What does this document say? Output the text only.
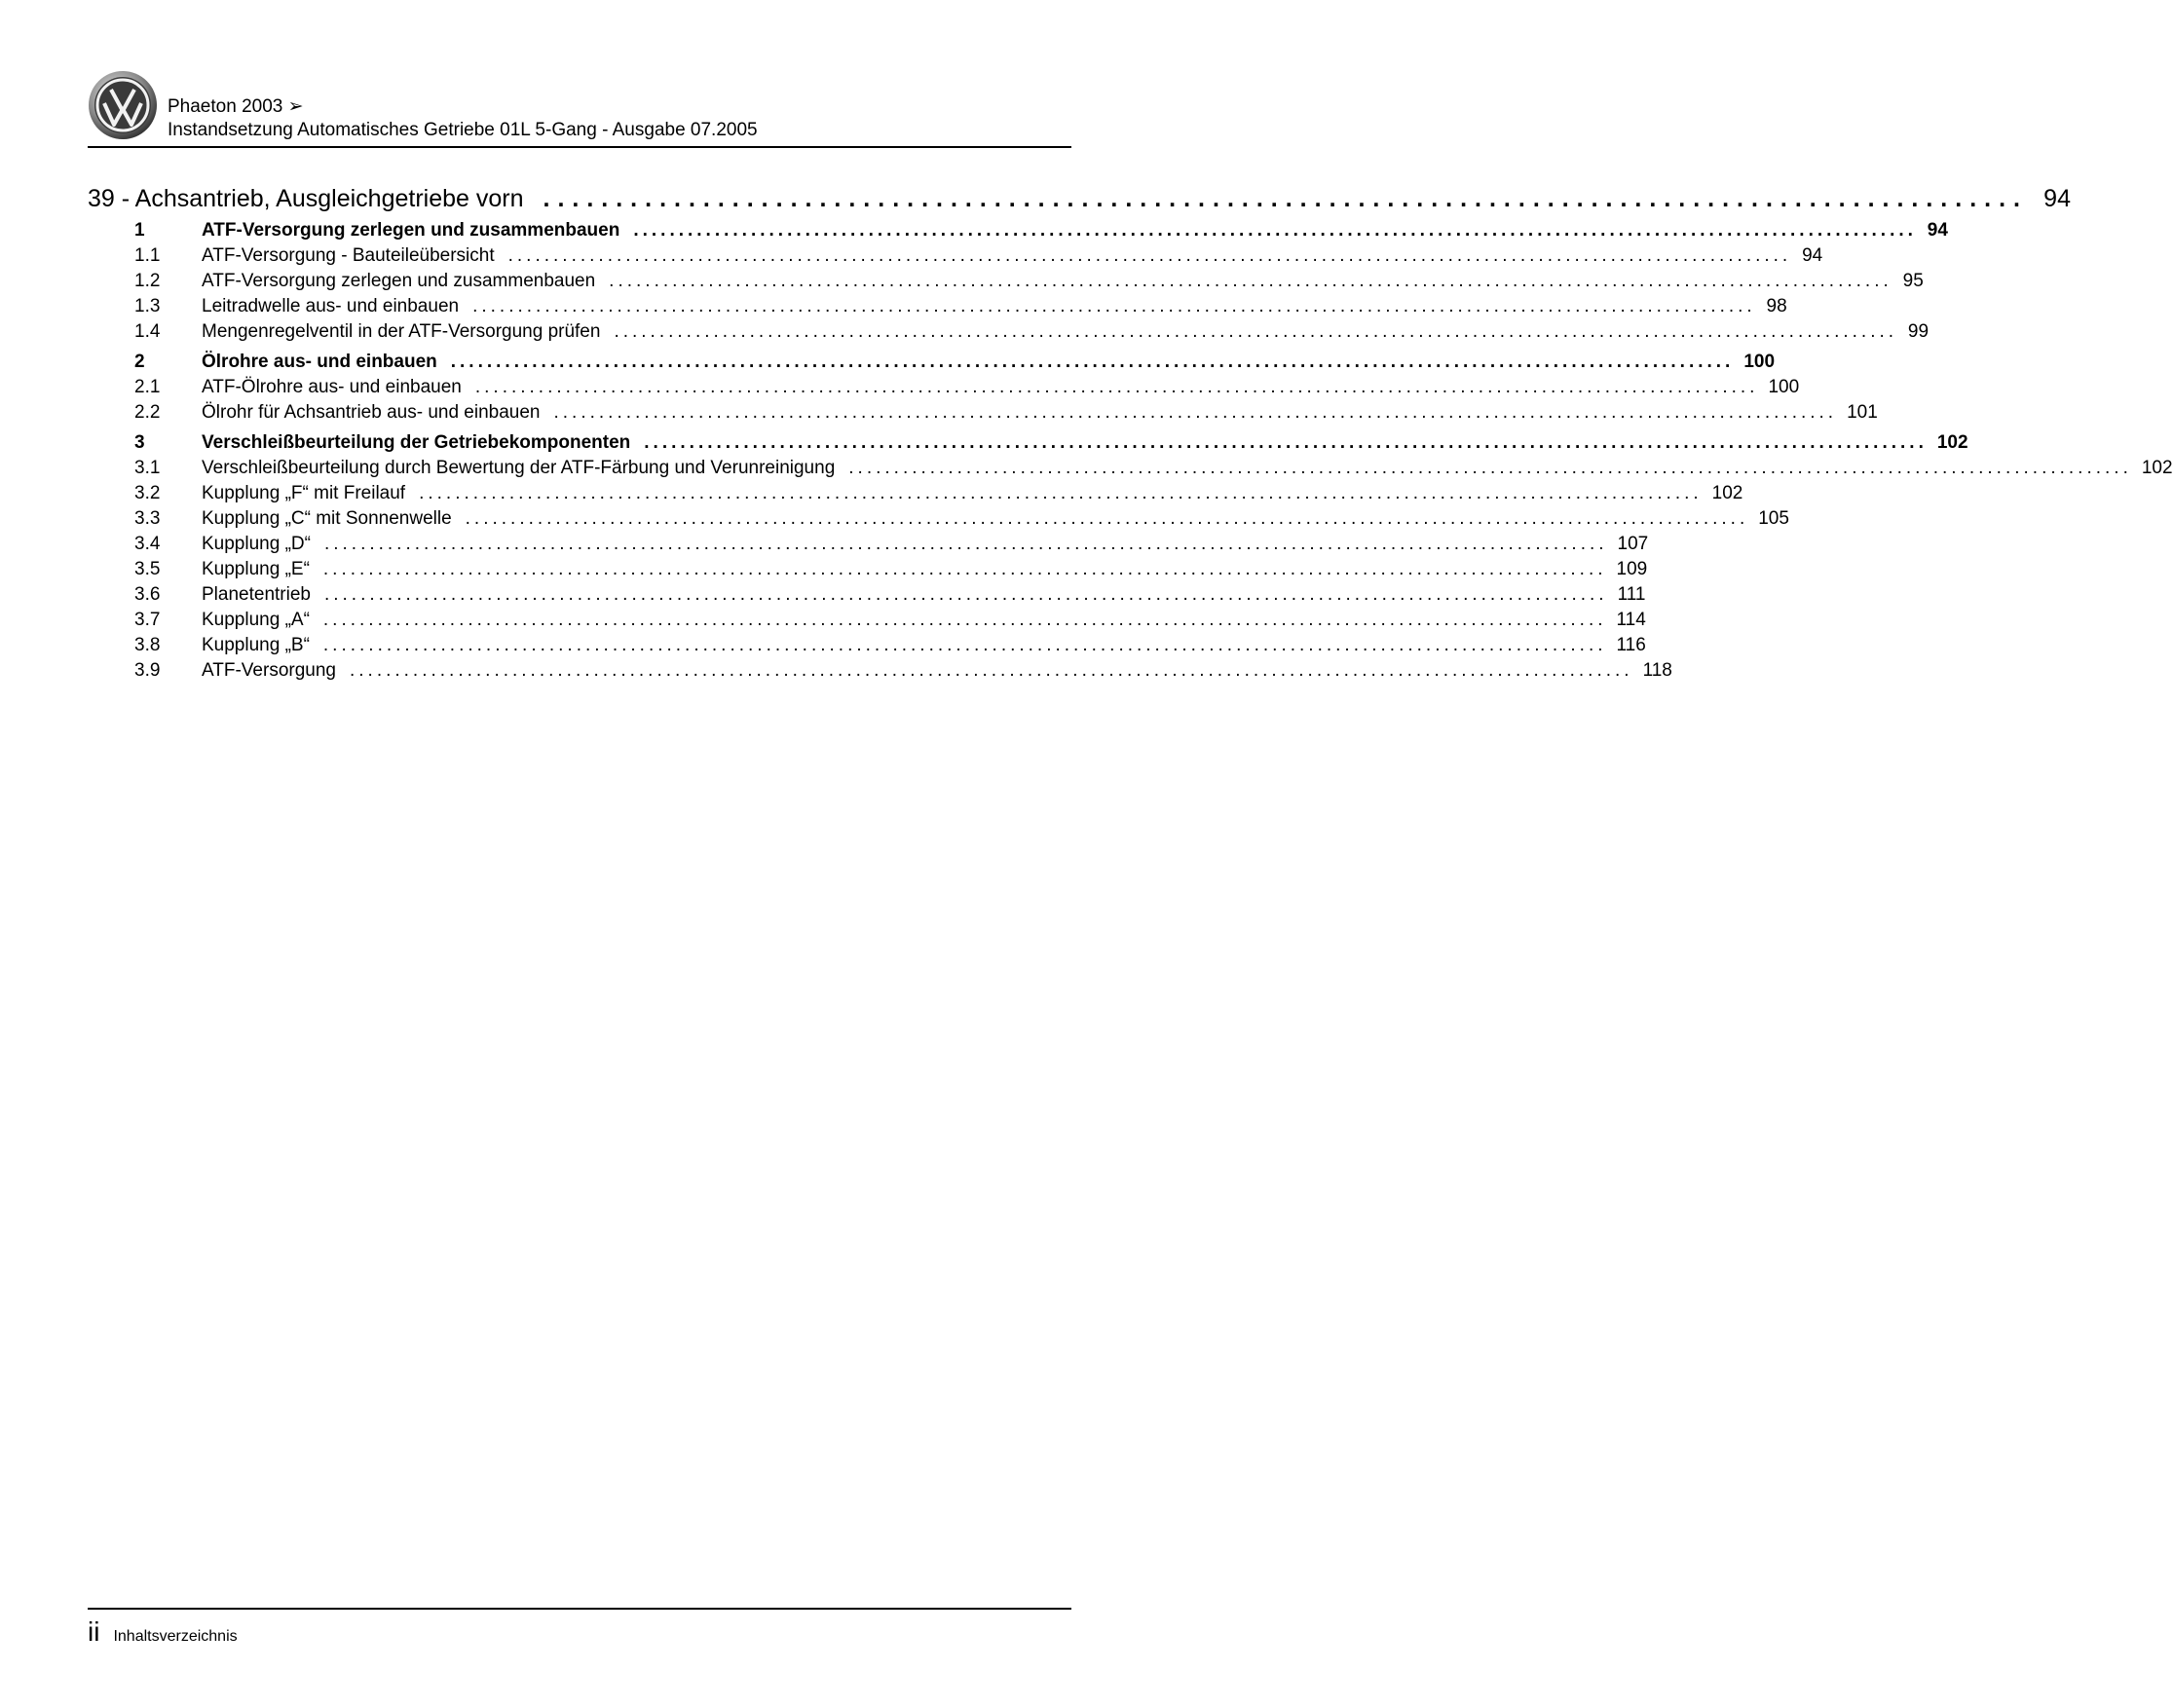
Phaeton 2003 ➢
Instandsetzung Automatisches Getriebe 01L 5-Gang - Ausgabe 07.2005
39 - Achsantrieb, Ausgleichgetriebe vorn ...................................................................................................... 94
1	ATF-Versorgung zerlegen und zusammenbauen .............................................................................................................................................. 94
1.1	ATF-Versorgung - Bauteileübersicht .............................................................................................................................................. 94
1.2	ATF-Versorgung zerlegen und zusammenbauen .............................................................................................................................................. 95
1.3	Leitradwelle aus- und einbauen .............................................................................................................................................. 98
1.4	Mengenregelventil in der ATF-Versorgung prüfen .............................................................................................................................................. 99
2	Ölrohre aus- und einbauen .............................................................................................................................................. 100
2.1	ATF-Ölrohre aus- und einbauen .............................................................................................................................................. 100
2.2	Ölrohr für Achsantrieb aus- und einbauen .............................................................................................................................................. 101
3	Verschleißbeurteilung der Getriebekomponenten .............................................................................................................................................. 102
3.1	Verschleißbeurteilung durch Bewertung der ATF-Färbung und Verunreinigung .............................................................................................................................................. 102
3.2	Kupplung „F“ mit Freilauf .............................................................................................................................................. 102
3.3	Kupplung „C“ mit Sonnenwelle .............................................................................................................................................. 105
3.4	Kupplung „D“ .............................................................................................................................................. 107
3.5	Kupplung „E“ .............................................................................................................................................. 109
3.6	Planetentrieb .............................................................................................................................................. 111
3.7	Kupplung „A“ .............................................................................................................................................. 114
3.8	Kupplung „B“ .............................................................................................................................................. 116
3.9	ATF-Versorgung .............................................................................................................................................. 118
ii Inhaltsverzeichnis
